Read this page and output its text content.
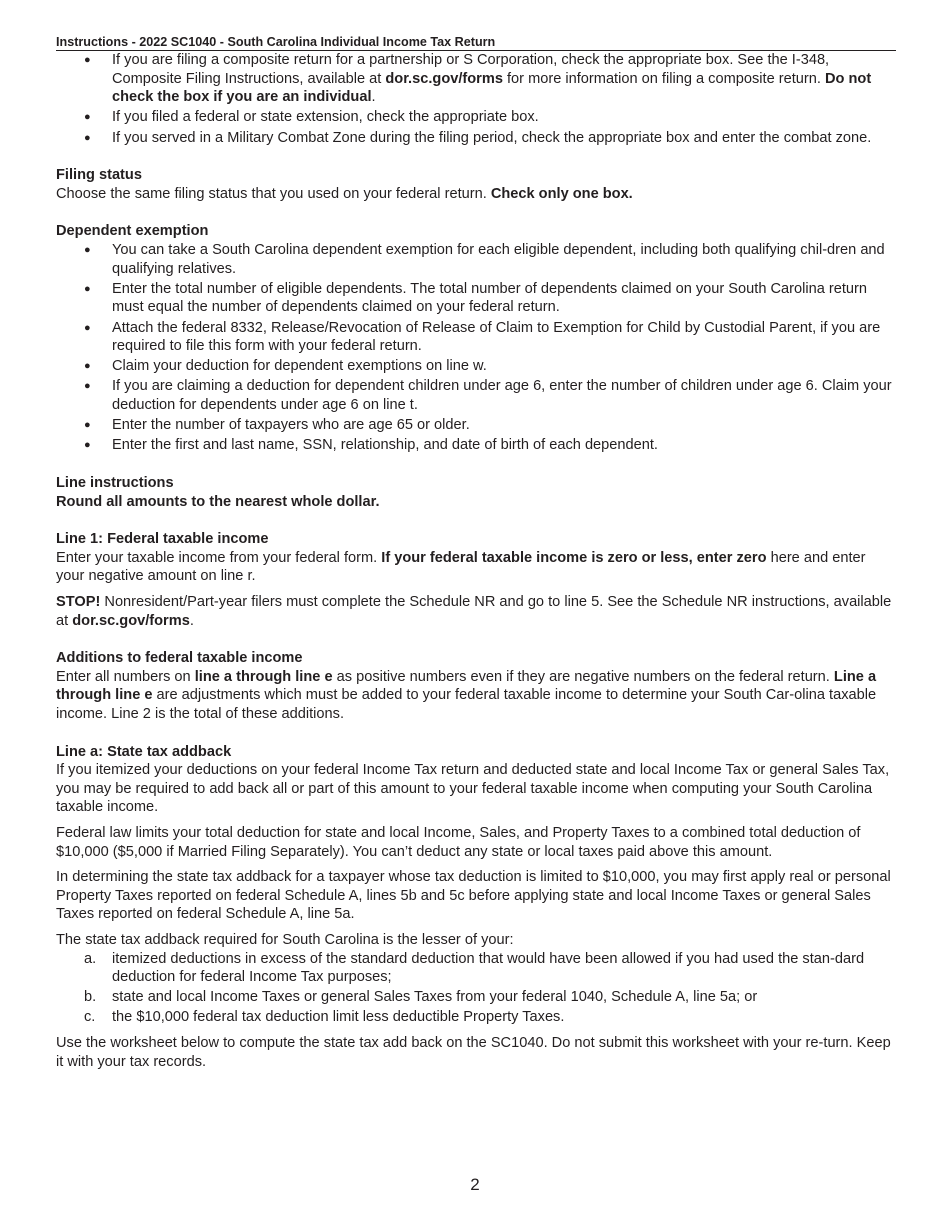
Instructions - 2022 SC1040 - South Carolina Individual Income Tax Return
● If you are filing a composite return for a partnership or S Corporation, check the appropriate box. See the I-348, Composite Filing Instructions, available at dor.sc.gov/forms for more information on filing a composite return. Do not check the box if you are an individual.
● If you filed a federal or state extension, check the appropriate box.
● If you served in a Military Combat Zone during the filing period, check the appropriate box and enter the combat zone.

Filing status

Choose the same filing status that you used on your federal return. Check only one box.

Dependent exemption

● You can take a South Carolina dependent exemption for each eligible dependent, including both qualifying chil-dren and qualifying relatives.
● Enter the total number of eligible dependents. The total number of dependents claimed on your South Carolina return must equal the number of dependents claimed on your federal return.
● Attach the federal 8332, Release/Revocation of Release of Claim to Exemption for Child by Custodial Parent, if you are required to file this form with your federal return.
● Claim your deduction for dependent exemptions on line w.
● If you are claiming a deduction for dependent children under age 6, enter the number of children under age 6. Claim your deduction for dependents under age 6 on line t.
● Enter the number of taxpayers who are age 65 or older.
● Enter the first and last name, SSN, relationship, and date of birth of each dependent.

Line instructions

Round all amounts to the nearest whole dollar.

Line 1: Federal taxable income

Enter your taxable income from your federal form. If your federal taxable income is zero or less, enter zero here and enter your negative amount on line r.

STOP! Nonresident/Part-year filers must complete the Schedule NR and go to line 5. See the Schedule NR instructions, available at dor.sc.gov/forms.

Additions to federal taxable income

Enter all numbers on line a through line e as positive numbers even if they are negative numbers on the federal return. Line a through line e are adjustments which must be added to your federal taxable income to determine your South Car-olina taxable income. Line 2 is the total of these additions.

Line a: State tax addback

If you itemized your deductions on your federal Income Tax return and deducted state and local Income Tax or general Sales Tax, you may be required to add back all or part of this amount to your federal taxable income when computing your South Carolina taxable income.

Federal law limits your total deduction for state and local Income, Sales, and Property Taxes to a combined total deduction of $10,000 ($5,000 if Married Filing Separately). You can’t deduct any state or local taxes paid above this amount.

In determining the state tax addback for a taxpayer whose tax deduction is limited to $10,000, you may first apply real or personal Property Taxes reported on federal Schedule A, lines 5b and 5c before applying state and local Income Taxes or general Sales Taxes reported on federal Schedule A, line 5a.

The state tax addback required for South Carolina is the lesser of your:

a. itemized deductions in excess of the standard deduction that would have been allowed if you had used the stan-dard deduction for federal Income Tax purposes;
b. state and local Income Taxes or general Sales Taxes from your federal 1040, Schedule A, line 5a; or
c. the $10,000 federal tax deduction limit less deductible Property Taxes.

Use the worksheet below to compute the state tax add back on the SC1040. Do not submit this worksheet with your re-turn. Keep it with your tax records.

2
